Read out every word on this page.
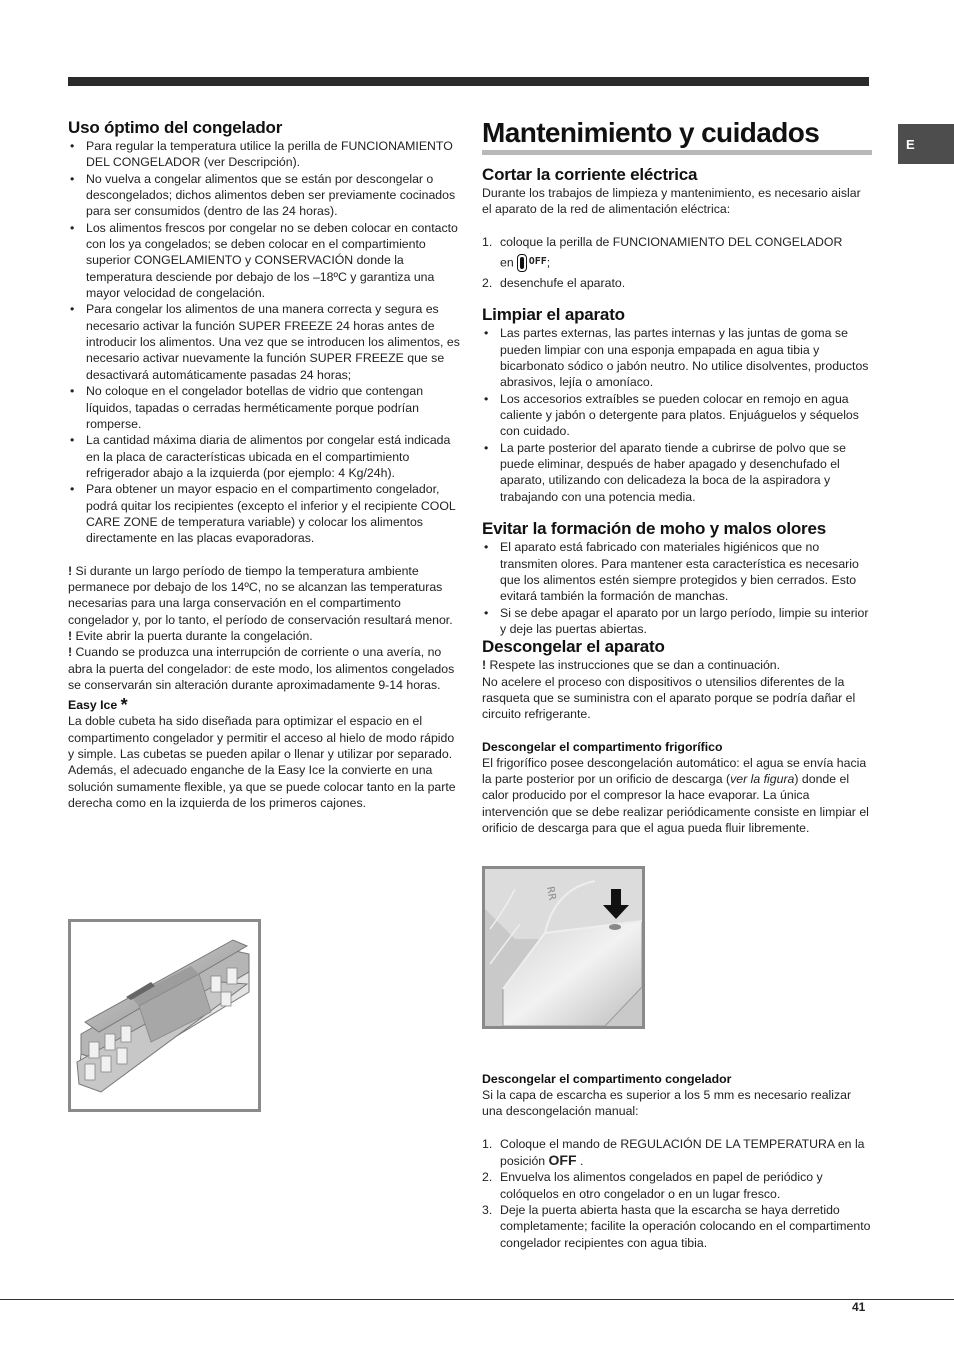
E
Uso óptimo del congelador
• Para regular la temperatura utilice la perilla de FUNCIONAMIENTO DEL CONGELADOR (ver Descripción).
• No vuelva a congelar alimentos que se están por descongelar o descongelados; dichos alimentos deben ser previamente cocinados para ser consumidos (dentro de las 24 horas).
• Los alimentos frescos por congelar no se deben colocar en contacto con los ya congelados; se deben colocar en el compartimiento superior CONGELAMIENTO y CONSERVACIÓN donde la temperatura desciende por debajo de los –18ºC y garantiza una mayor velocidad de congelación.
• Para congelar los alimentos de una manera correcta y segura es necesario activar la función SUPER FREEZE 24 horas antes de introducir los alimentos. Una vez que se introducen los alimentos, es necesario activar nuevamente la función SUPER FREEZE que se desactivará automáticamente pasadas 24 horas;
• No coloque en el congelador botellas de vidrio que contengan líquidos, tapadas o cerradas herméticamente porque podrían romperse.
• La cantidad máxima diaria de alimentos por congelar está indicada en la placa de características ubicada en el compartimiento refrigerador abajo a la izquierda (por ejemplo: 4 Kg/24h).
• Para obtener un mayor espacio en el compartimento congelador, podrá quitar los recipientes (excepto el inferior y el recipiente COOL CARE ZONE de temperatura variable) y colocar los alimentos directamente en las placas evaporadoras.

! Si durante un largo período de tiempo la temperatura ambiente permanece por debajo de los 14ºC, no se alcanzan las temperaturas necesarias para una larga conservación en el compartimento congelador y, por lo tanto, el período de conservación resultará menor.

! Evite abrir la puerta durante la congelación.

! Cuando se produzca una interrupción de corriente o una avería, no abra la puerta del congelador: de este modo, los alimentos congelados se conservarán sin alteración durante aproximadamente 9-14 horas.

Easy Ice *

La doble cubeta ha sido diseñada para optimizar el espacio en el compartimento congelador y permitir el acceso al hielo de modo rápido y simple. Las cubetas se pueden apilar o llenar y utilizar por separado.

Además, el adecuado enganche de la Easy Ice la convierte en una solución sumamente flexible, ya que se puede colocar tanto en la parte derecha como en la izquierda de los primeros cajones.

Mantenimiento y cuidados
Cortar la corriente eléctrica

Durante los trabajos de limpieza y mantenimiento, es necesario aislar el aparato de la red de alimentación eléctrica:

1. coloque la perilla de FUNCIONAMIENTO DEL CONGELADOR
en $^{OFF}$;
2. desenchufe el aparato.
Limpiar el aparato
• Las partes externas, las partes internas y las juntas de goma se pueden limpiar con una esponja empapada en agua tibia y bicarbonato sódico o jabón neutro. No utilice disolventes, productos abrasivos, lejía o amoníaco.
• Los accesorios extraíbles se pueden colocar en remojo en agua caliente y jabón o detergente para platos. Enjuáguelos y séquelos con cuidado.
• La parte posterior del aparato tiende a cubrirse de polvo que se puede eliminar, después de haber apagado y desenchufado el aparato, utilizando con delicadeza la boca de la aspiradora y trabajando con una potencia media.
Evitar la formación de moho y malos olores
• El aparato está fabricado con materiales higiénicos que no transmiten olores. Para mantener esta característica es necesario que los alimentos estén siempre protegidos y bien cerrados. Esto evitará también la formación de manchas.
• Si se debe apagar el aparato por un largo período, limpie su interior y deje las puertas abiertas.
Descongelar el aparato

! Respete las instrucciones que se dan a continuación.

No acelere el proceso con dispositivos o utensilios diferentes de la rasqueta que se suministra con el aparato porque se podría dañar el circuito refrigerante.

Descongelar el compartimento frigorífico

El frigorífico posee descongelación automático: el agua se envía hacia la parte posterior por un orificio de descarga (ver la figura) donde el calor producido por el compresor la hace evaporar. La única intervención que se debe realizar periódicamente consiste en limpiar el orificio de descarga para que el agua pueda fluir libremente.

RR
Descongelar el compartimento congelador

Si la capa de escarcha es superior a los 5 mm es necesario realizar una descongelación manual:

1. Coloque el mando de REGULACIÓN DE LA TEMPERATURA en la posición OFF .
2. Envuelva los alimentos congelados en papel de periódico y colóquelos en otro congelador o en un lugar fresco.
3. Deje la puerta abierta hasta que la escarcha se haya derretido completamente; facilite la operación colocando en el compartimento congelador recipientes con agua tibia.
41
